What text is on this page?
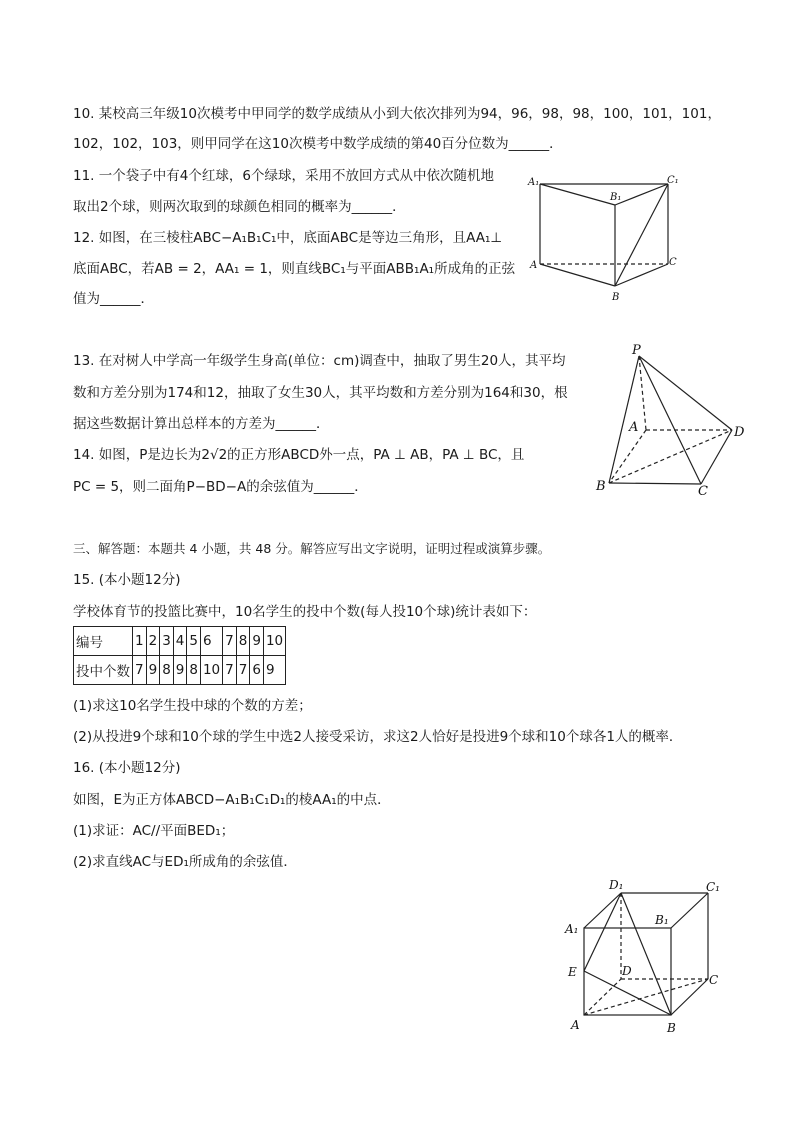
10. 某校高三年级10次模考中甲同学的数学成绩从小到大依次排列为94，96，98，98，100，101，101，
102，102，103，则甲同学在这10次模考中数学成绩的第40百分位数为______．
11. 一个袋子中有4个红球，6个绿球，采用不放回方式从中依次随机地
取出2个球，则两次取到的球颜色相同的概率为______．
12. 如图，在三棱柱ABC−A₁B₁C₁中，底面ABC是等边三角形，且AA₁⊥
底面ABC，若AB = 2，AA₁ = 1，则直线BC₁与平面ABB₁A₁所成角的正弦
值为______．
A₁
B₁
C₁
A	C
B
13. 在对树人中学高一年级学生身高(单位：cm)调查中，抽取了男生20人，其平均
数和方差分别为174和12，抽取了女生30人，其平均数和方差分别为164和30，根
据这些数据计算出总样本的方差为______．
14. 如图，P是边长为2√2的正方形ABCD外一点，PA ⊥ AB，PA ⊥ BC，且
PC = 5，则二面角P−BD−A的余弦值为______．
P
A
B	C
D
三、解答题：本题共 4 小题，共 48 分。解答应写出文字说明，证明过程或演算步骤。
15. (本小题12分)
学校体育节的投篮比赛中，10名学生的投中个数(每人投10个球)统计表如下：
编号	1	2	3	4	5	6	7	8	9	10
投中个数	7	9	8	9	8	10	7	7	6	9
(1)求这10名学生投中球的个数的方差；
(2)从投进9个球和10个球的学生中选2人接受采访，求这2人恰好是投进9个球和10个球各1人的概率．
16. (本小题12分)
如图，E为正方体ABCD−A₁B₁C₁D₁的棱AA₁的中点．
(1)求证：AC//平面BED₁；
(2)求直线AC与ED₁所成角的余弦值．
D₁	C₁
A₁
B₁
E	D
C
A	B
